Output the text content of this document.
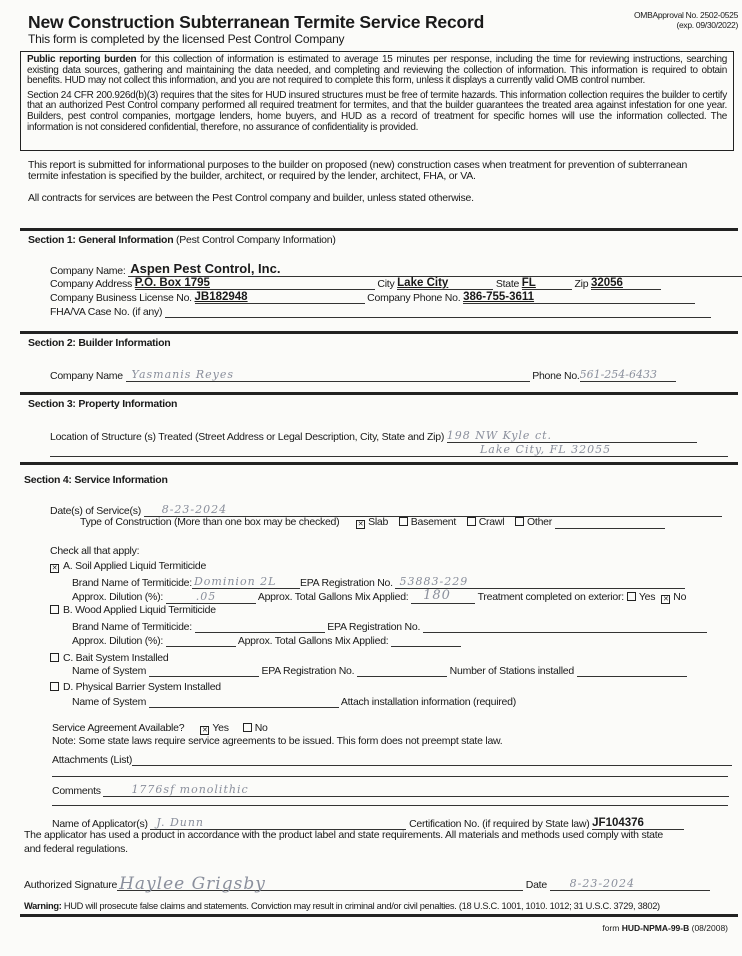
New Construction Subterranean Termite Service Record
This form is completed by the licensed Pest Control Company
OMBApproval No. 2502-0525
(exp. 09/30/2022)

Public reporting burden for this collection of information is estimated to average 15 minutes per response, including the time for reviewing instructions, searching existing data sources, gathering and maintaining the data needed, and completing and reviewing the collection of information. This information is required to obtain benefits. HUD may not collect this information, and you are not required to complete this form, unless it displays a currently valid OMB control number.

Section 24 CFR 200.926d(b)(3) requires that the sites for HUD insured structures must be free of termite hazards. This information collection requires the builder to certify that an authorized Pest Control company performed all required treatment for termites, and that the builder guarantees the treated area against infestation for one year. Builders, pest control companies, mortgage lenders, home buyers, and HUD as a record of treatment for specific homes will use the information collected. The information is not considered confidential, therefore, no assurance of confidentiality is provided.

This report is submitted for informational purposes to the builder on proposed (new) construction cases when treatment for prevention of subterranean
termite infestation is specified by the builder, architect, or required by the lender, architect, FHA, or VA.
All contracts for services are between the Pest Control company and builder, unless stated otherwise.
Section 1: General Information (Pest Control Company Information)
Company Name: Aspen Pest Control, Inc.
Company Address P.O. Box 1795	City Lake City	State FL	Zip 32056
Company Business License No. JB182948	Company Phone No. 386-755-3611
FHA/VA Case No. (if any)
Section 2: Builder Information
Company Name Yasmanis Reyes	Phone No. 561-254-6433
Section 3: Property Information
Location of Structure (s) Treated (Street Address or Legal Description, City, State and Zip) 198 NW Kyle ct.
Lake City, FL 32055
Section 4: Service Information
Date(s) of Service(s) 8-23-2024
Type of Construction (More than one box may be checked)	✕ Slab Basement Crawl Other
Check all that apply:
✕ A. Soil Applied Liquid Termiticide
Brand Name of Termiticide: Dominion 2L EPA Registration No. 53883-229
Approx. Dilution (%):	.05	Approx. Total Gallons Mix Applied: 180	Treatment completed on exterior: Yes ✕ No
B. Wood Applied Liquid Termiticide
Brand Name of Termiticide:	EPA Registration No.
Approx. Dilution (%):	Approx. Total Gallons Mix Applied:
C. Bait System Installed
Name of System	EPA Registration No.	Number of Stations installed
D. Physical Barrier System Installed
Name of System	Attach installation information (required)
Service Agreement Available?	✕ Yes No
Note: Some state laws require service agreements to be issued. This form does not preempt state law.
Attachments (List)
Comments	1776sf monolithic
Name of Applicator(s) J. Dunn	Certification No. (if required by State law) JF104376
The applicator has used a product in accordance with the product label and state requirements. All materials and methods used comply with state
and federal regulations.
Authorized Signature Haylee Grigsby	Date 8-23-2024
Warning: HUD will prosecute false claims and statements. Conviction may result in criminal and/or civil penalties. (18 U.S.C. 1001, 1010. 1012; 31 U.S.C. 3729, 3802)
form HUD-NPMA-99-B (08/2008)
